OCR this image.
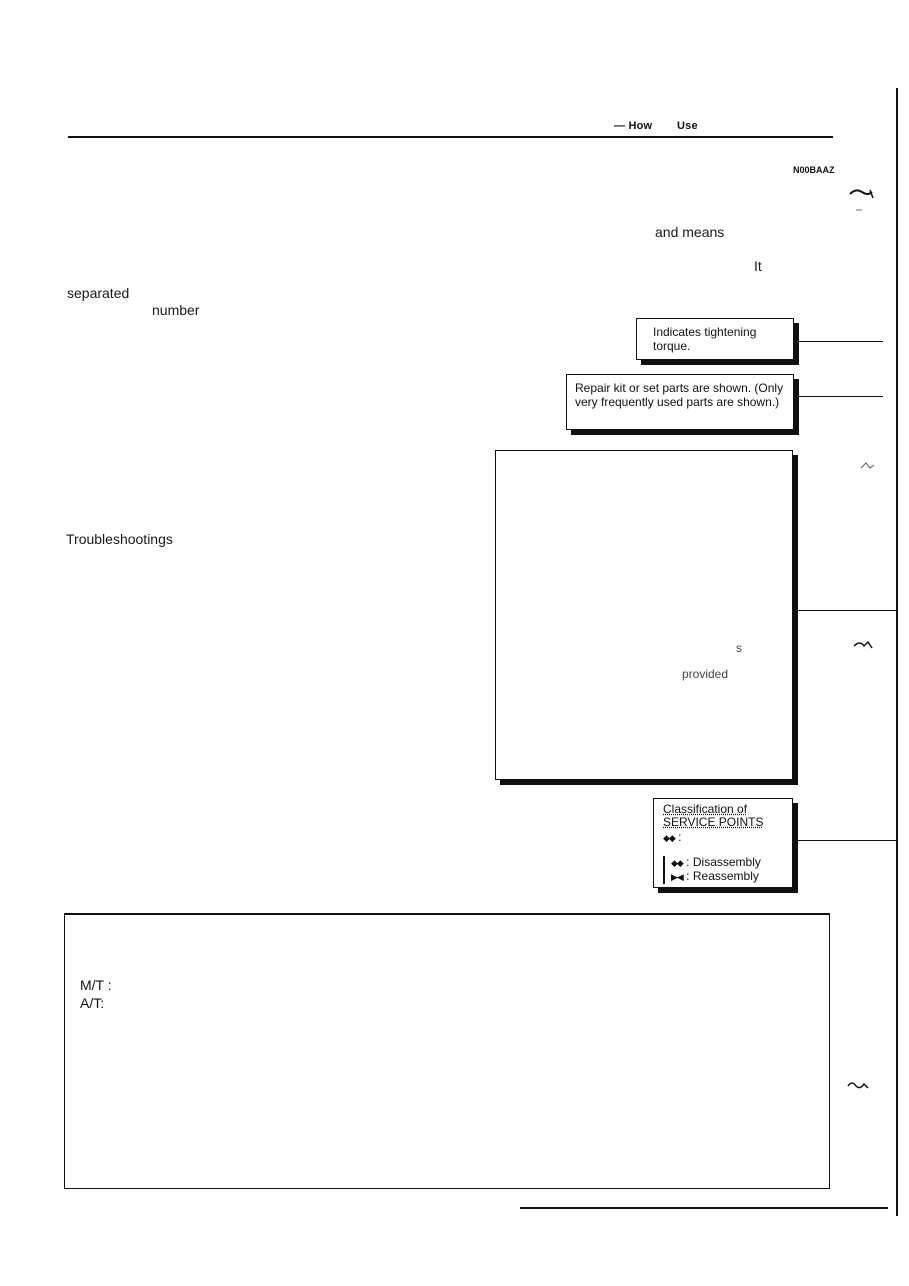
— How Use
N00BAAZ
and means
It
separated
number
Troubleshootings
Indicates tightening torque.
Repair kit or set parts are shown. (Only very frequently used parts are shown.)
s
provided
Classification of SERVICE POINTS
◆◆ :
◆◆ : Disassembly
▶◀ : Reassembly
M/T :
A/T:
